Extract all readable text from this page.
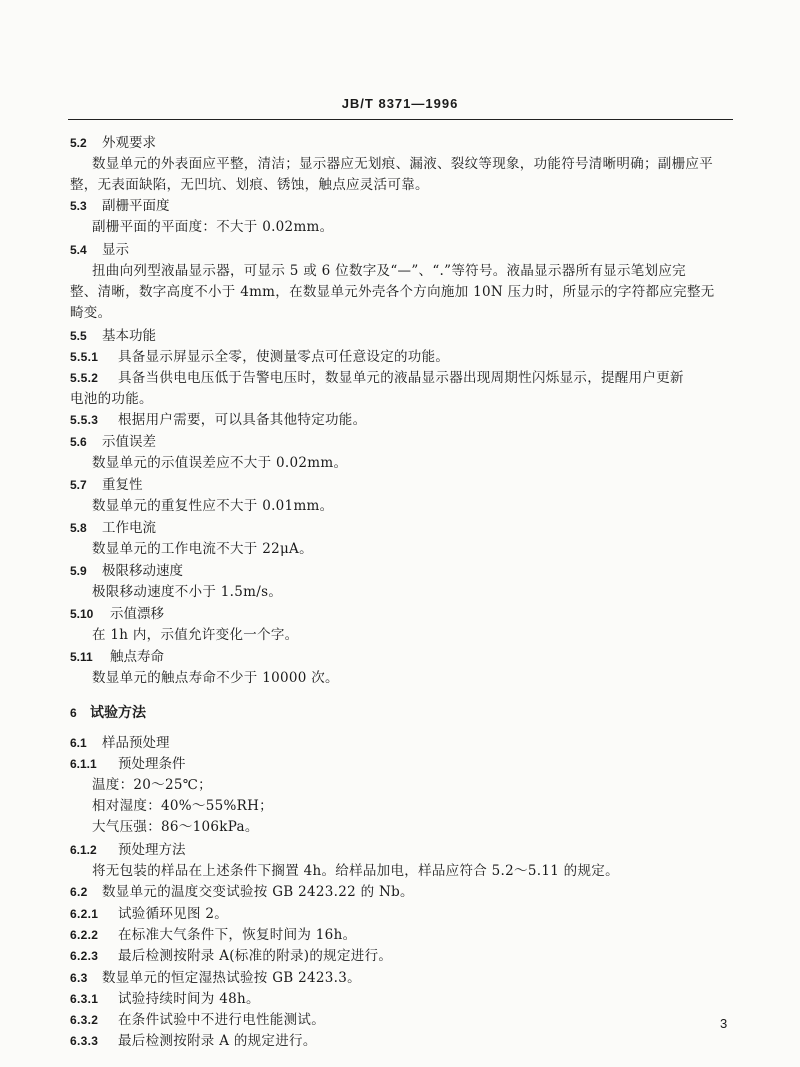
JB/T 8371—1996
5.2 外观要求
数显单元的外表面应平整，清洁；显示器应无划痕、漏液、裂纹等现象，功能符号清晰明确；副栅应平
整，无表面缺陷，无凹坑、划痕、锈蚀，触点应灵活可靠。
5.3 副栅平面度
副栅平面的平面度：不大于 0.02mm。
5.4 显示
扭曲向列型液晶显示器，可显示 5 或 6 位数字及“—”、“.”等符号。液晶显示器所有显示笔划应完
整、清晰，数字高度不小于 4mm，在数显单元外壳各个方向施加 10N 压力时，所显示的字符都应完整无
畸变。
5.5 基本功能
5.5.1 具备显示屏显示全零，使测量零点可任意设定的功能。
5.5.2 具备当供电电压低于告警电压时，数显单元的液晶显示器出现周期性闪烁显示，提醒用户更新
电池的功能。
5.5.3 根据用户需要，可以具备其他特定功能。
5.6 示值误差
数显单元的示值误差应不大于 0.02mm。
5.7 重复性
数显单元的重复性应不大于 0.01mm。
5.8 工作电流
数显单元的工作电流不大于 22μA。
5.9 极限移动速度
极限移动速度不小于 1.5m/s。
5.10 示值漂移
在 1h 内，示值允许变化一个字。
5.11 触点寿命
数显单元的触点寿命不少于 10000 次。
6 试验方法
6.1 样品预处理
6.1.1 预处理条件
温度：20～25℃；
相对湿度：40%～55%RH；
大气压强：86～106kPa。
6.1.2 预处理方法
将无包装的样品在上述条件下搁置 4h。给样品加电，样品应符合 5.2～5.11 的规定。
6.2 数显单元的温度交变试验按 GB 2423.22 的 Nb。
6.2.1 试验循环见图 2。
6.2.2 在标准大气条件下，恢复时间为 16h。
6.2.3 最后检测按附录 A(标准的附录)的规定进行。
6.3 数显单元的恒定湿热试验按 GB 2423.3。
6.3.1 试验持续时间为 48h。
6.3.2 在条件试验中不进行电性能测试。
6.3.3 最后检测按附录 A 的规定进行。
3
